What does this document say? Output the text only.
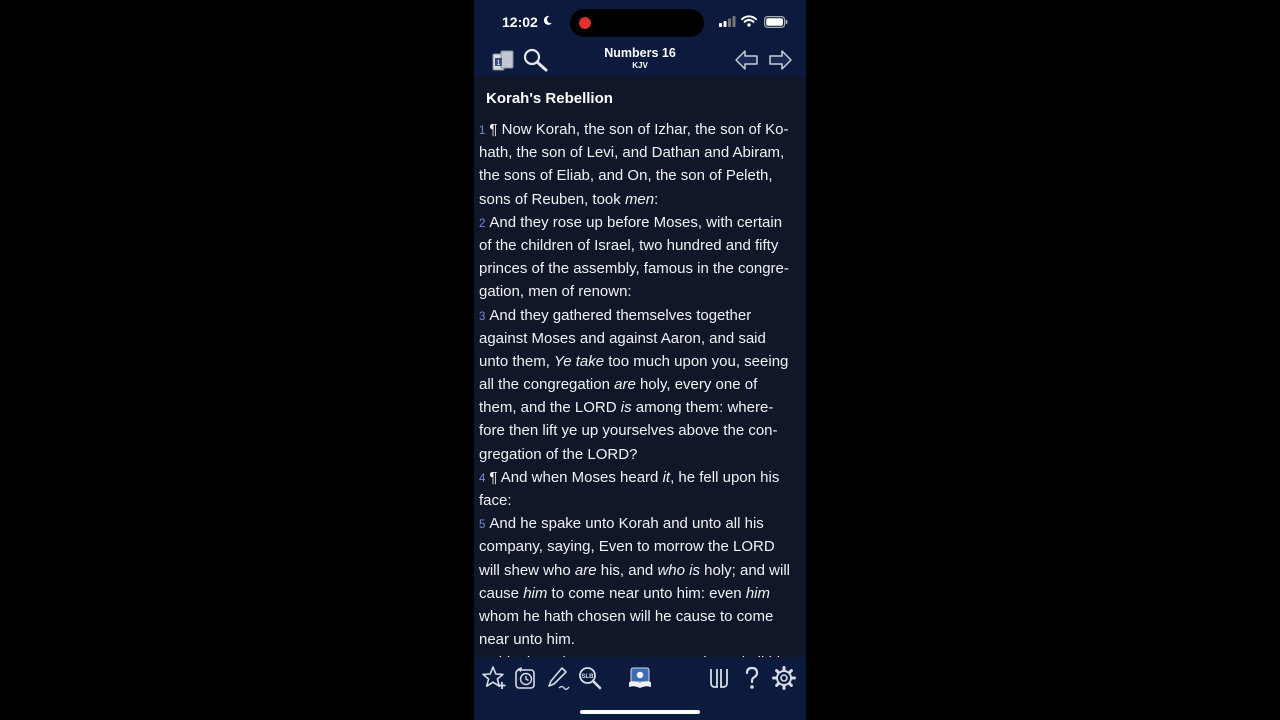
12:02
1
Numbers 16
KJV
Korah's Rebellion
1 ¶ Now Korah, the son of Izhar, the son of Ko-
hath, the son of Levi, and Dathan and Abiram,
the sons of Eliab, and On, the son of Peleth,
sons of Reuben, took men:
2 And they rose up before Moses, with certain
of the children of Israel, two hundred and fifty
princes of the assembly, famous in the congre-
gation, men of renown:
3 And they gathered themselves together
against Moses and against Aaron, and said
unto them, Ye take too much upon you, seeing
all the congregation are holy, every one of
them, and the LORD is among them: where-
fore then lift ye up yourselves above the con-
gregation of the LORD?
4 ¶ And when Moses heard it, he fell upon his
face:
5 And he spake unto Korah and unto all his
company, saying, Even to morrow the LORD
will shew who are his, and who is holy; and will
cause him to come near unto him: even him
whom he hath chosen will he cause to come
near unto him.
SLB
